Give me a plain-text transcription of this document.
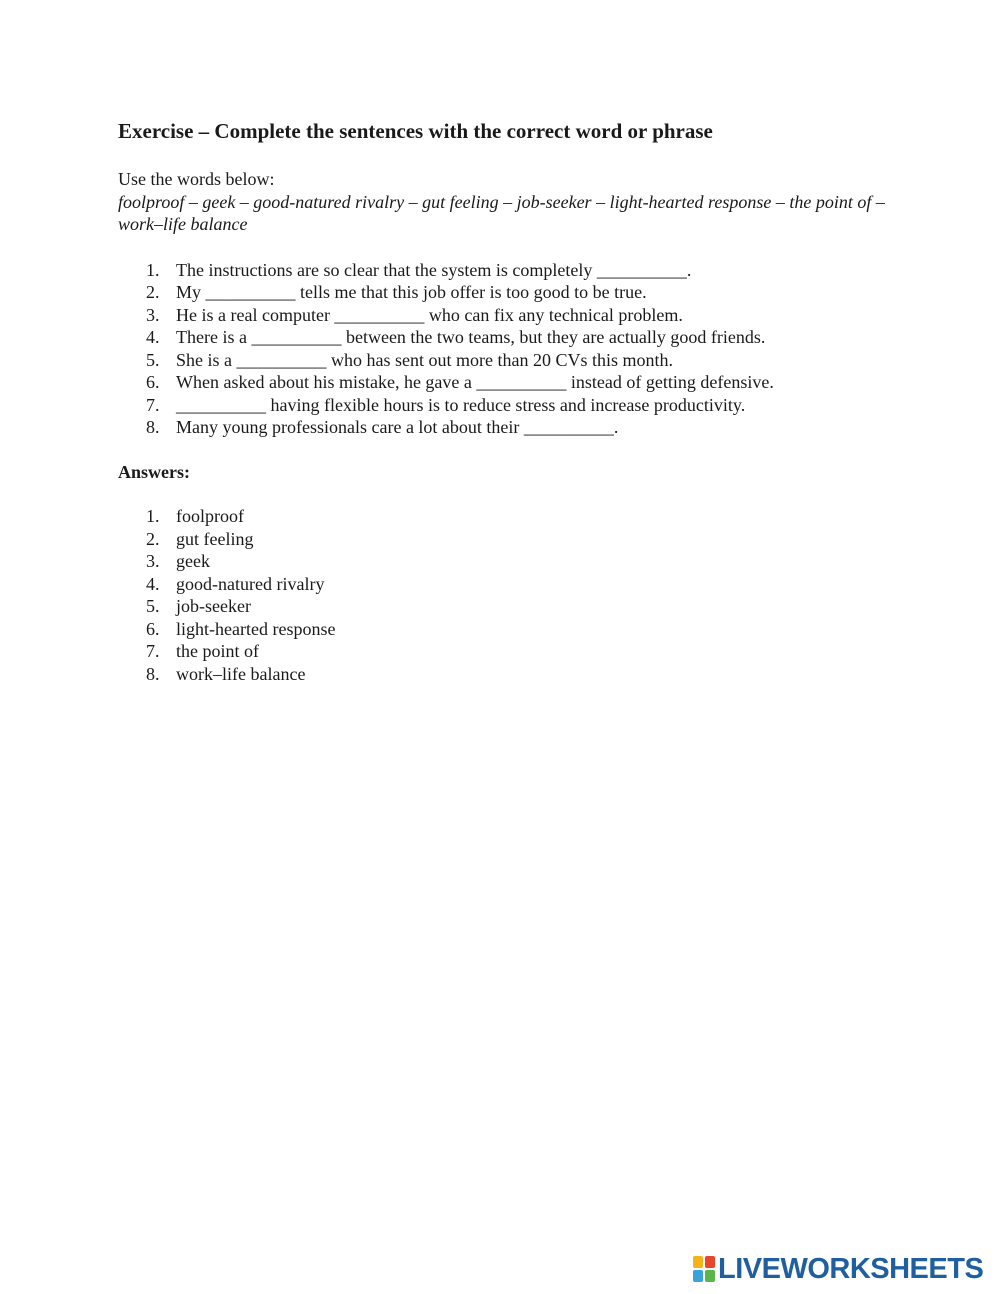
Exercise – Complete the sentences with the correct word or phrase
Use the words below:
foolproof – geek – good-natured rivalry – gut feeling – job-seeker – light-hearted response – the point of – work–life balance
1. The instructions are so clear that the system is completely __________.
2. My __________ tells me that this job offer is too good to be true.
3. He is a real computer __________ who can fix any technical problem.
4. There is a __________ between the two teams, but they are actually good friends.
5. She is a __________ who has sent out more than 20 CVs this month.
6. When asked about his mistake, he gave a __________ instead of getting defensive.
7. __________ having flexible hours is to reduce stress and increase productivity.
8. Many young professionals care a lot about their __________.
Answers:
1. foolproof
2. gut feeling
3. geek
4. good-natured rivalry
5. job-seeker
6. light-hearted response
7. the point of
8. work–life balance
LIVEWORKSHEETS
